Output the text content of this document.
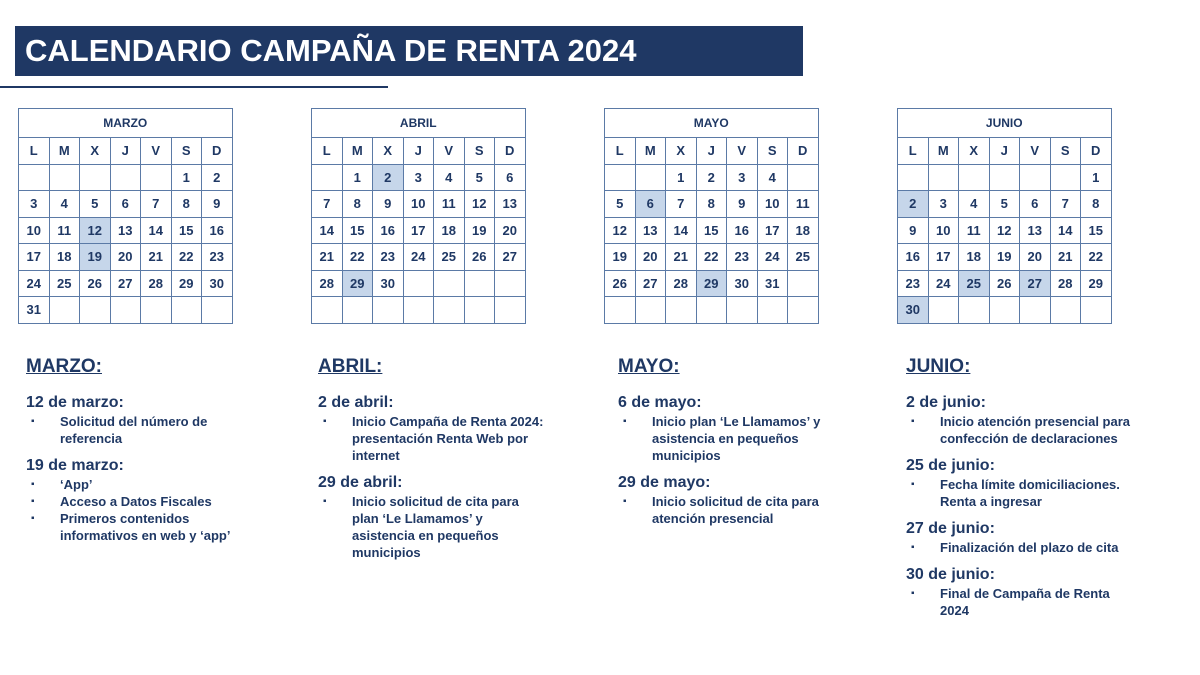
CALENDARIO CAMPAÑA DE RENTA 2024
MARZO						
L	M	X	J	V	S	D
					1	2
3	4	5	6	7	8	9
10	11	12	13	14	15	16
17	18	19	20	21	22	23
24	25	26	27	28	29	30
31						
ABRIL						
L	M	X	J	V	S	D
	1	2	3	4	5	6
7	8	9	10	11	12	13
14	15	16	17	18	19	20
21	22	23	24	25	26	27
28	29	30				

MAYO						
L	M	X	J	V	S	D
		1	2	3	4	
5	6	7	8	9	10	11
12	13	14	15	16	17	18
19	20	21	22	23	24	25
26	27	28	29	30	31	

JUNIO						
L	M	X	J	V	S	D
						1
2	3	4	5	6	7	8
9	10	11	12	13	14	15
16	17	18	19	20	21	22
23	24	25	26	27	28	29
30						
MARZO:
12 de marzo:
▪ Solicitud del número de referencia
19 de marzo:
▪ ‘App’
▪ Acceso a Datos Fiscales
▪ Primeros contenidos informativos en web y ‘app’
ABRIL:
2 de abril:
▪ Inicio Campaña de Renta 2024: presentación Renta Web por internet
29 de abril:
▪ Inicio solicitud de cita para plan ‘Le Llamamos’ y asistencia en pequeños municipios
MAYO:
6 de mayo:
▪ Inicio plan ‘Le Llamamos’ y asistencia en pequeños municipios
29 de mayo:
▪ Inicio solicitud de cita para atención presencial
JUNIO:
2 de junio:
▪ Inicio atención presencial para confección de declaraciones
25 de junio:
▪ Fecha límite domiciliaciones. Renta a ingresar
27 de junio:
▪ Finalización del plazo de cita
30 de junio:
▪ Final de Campaña de Renta 2024
